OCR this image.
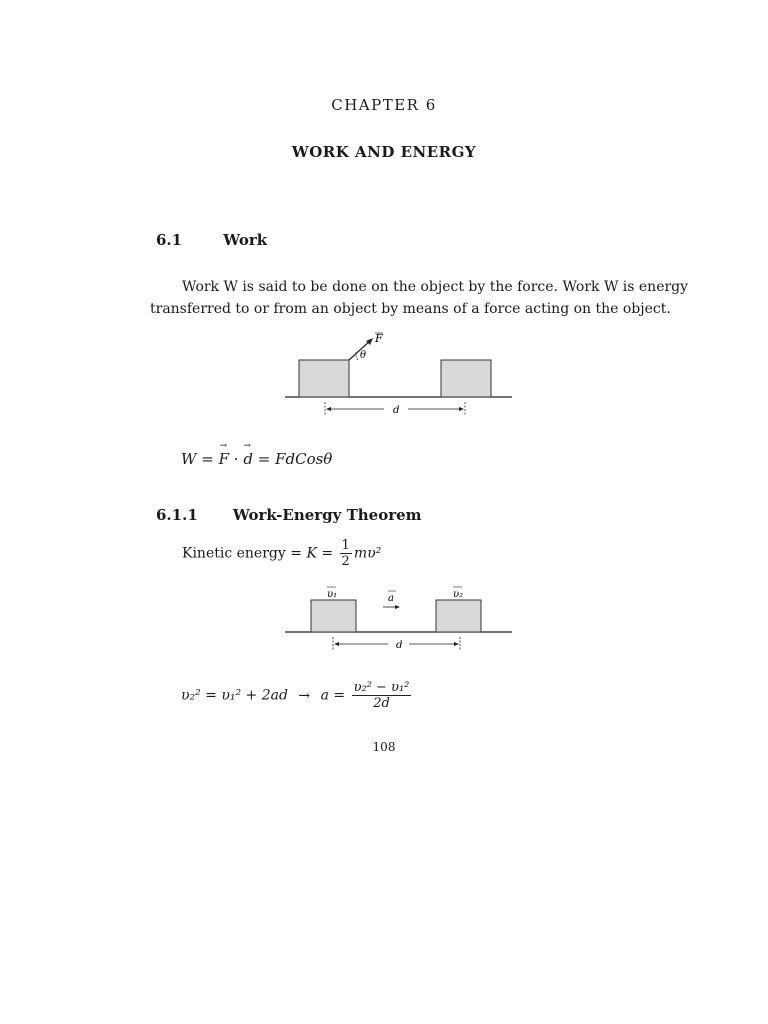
CHAPTER 6
WORK AND ENERGY
6.1	Work
Work W is said to be done on the object by the force. Work W is energy
transferred to or from an object by means of a force acting on the object.
F
θ
d
W = F
→
· d
→
= FdCosθ
6.1.1 Work-Energy Theorem
Kinetic energy = $K = \frac{1}{2} m\upsilon^2$
υ₁	a	υ₂
d
$\upsilon_2^2 = \upsilon_1^2 + 2ad \to a = \frac{\text{υ₂² − υ₁²}}{2d}$
108
